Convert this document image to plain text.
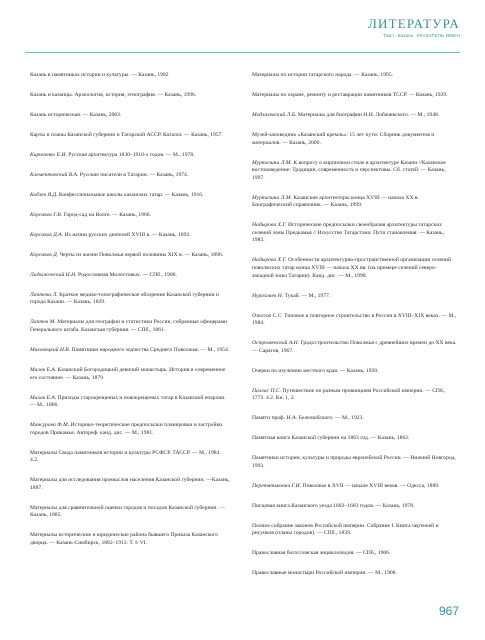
ЛИТЕРАТУРА
Том I. Казань. УКАЗАТЕЛЬ ИМЕН
Казань в памятниках истории и культуры. — Казань, 1982
Казань и казанцы. Археология, история, этнография. — Казань, 1996.
Казань историческая. — Казань, 2003.
Карты и планы Казанской губернии и Татарской АССР. Каталог. — Казань, 1957.
Кириченко Е.И. Русская архитектура 1830–1910-х годов. — М., 1978.
Клементовский В.А. Русские писатели в Татарии. — Казань, 1974.
Кобзев Я.Д. Конфессиональные школы казанских татар. — Казань, 1916.
Корсаков Г.В. Город-сад на Волге. — Казань, 1966.
Корсаков Д.А. Из жизни русских деятелей XVIII в. — Казань, 1893.
Корсаков Д. Черты из жизни Поволжья первой половины XIX в. — Казань, 1896.
Ладыженский Н.Н. Родословная Молостовых. — СПб., 1900.
Лаптева Л. Краткое медико-топографическое обозрение Казанской губернии и города Казани. — Казань, 1829.
Лаптев М. Материалы для географии и статистики России, собранные офицерами Генерального штаба. Казанская губерния. — СПб., 1861.
Маховецкий Н.В. Памятники народного зодчества Среднего Поволжья. — М., 1954.
Малов Е.А. Казанский Богородицкий девичий монастырь. История и современное его состояние. — Казань, 1879
Малов Е.А. Приходы старокрещеных и новокрещеных татар в Казанской епархии. — М., 1866.
Мансурова Ф.М. Историко-теоретические предпосылки планировки и застройки городов Прикамья. Автореф. канд. дис. — М., 1981.
Материалы Свода памятников истории и культуры РСФСР. ТАССР. — М., 1984. 4.2.
Материалы для исследования промыслов населения Казанской губернии. —Казань, 1887.
Материалы для сравнительной оценки городов и посадов Казанской губернии. — Казань, 1885.
Материалы исторические и юридические района бывшего Приказа Казанского дворца. — Казань-Симбирск, 1882–1912. Т. I–VI.
Материалы по истории татарского народа. — Казань, 1995.
Материалы по охране, ремонту и реставрации памятников ТССР. — Казань, 1929.
Модзалевский Л.Б. Материалы для биографии Н.И. Лобачевского. — М., 1948.
Музей-заповедник «Казанский кремль»: 15 лет пути: Сборник документов и материалов. — Казань, 2009.
Муртазина Л.М. К вопросу о кирпичном стиле в архитектуре Казани //Казанское востоковедение: Традиции, современность и перспективы. Сб. статей. — Казань, 1997.
Муртазина Л.М. Казанские архитекторы конца XVIII — начала XX в. Биографический справочник. — Казань, 1999.
Надырова Х.Г. Исторические предпосылки своеобразия архитектуры татарских селений зоны Предкамья // Искусство Татарстана: Пути становления. — Казань, 1983.
Надырова Х.Г. Особенности архитектурно-пространственной организации селений поволжских татар конца XVIII — начала XX вв. (на примере селений северо-западной зоны Татарии). Канд. дис. — М., 1990.
Нургалиев Н. Тукай. — М., 1977.
Ожегов С.С. Типовое и повторное строительство в России в XVIII–XIX веках. — М., 1984.
Остроменский А.Н. Градостроительство Поволжья с древнейших времен до XX века. — Саратов, 1967.
Очерки по изучению местного края. — Казань, 1930.
Паллас П.С. Путешествие по разным провинциям Российской империи. — СПб., 1773. 4.2. Кн. 1, 2.
Памяти проф. Н.А. Белелюбского. — М., 1923.
Памятная книга Казанской губернии на 1863 год. — Казань, 1862.
Памятники истории, культуры и природы европейской России. — Нижний Новгород, 1993.
Перетятькович Г.И. Поволжье в XVII — начале XVIII веков. — Одесса, 1889.
Писцовая книга Казанского уезда 1602–1603 годов. — Казань, 1978.
Полное собрание законов Российской империи. Собрание I. Книга чертежей и рисунков (планы городов). — СПб., 1839.
Православная богословская энциклопедия. — СПб., 1906.
Православные монастыри Российской империи. — М., 1908.
967
